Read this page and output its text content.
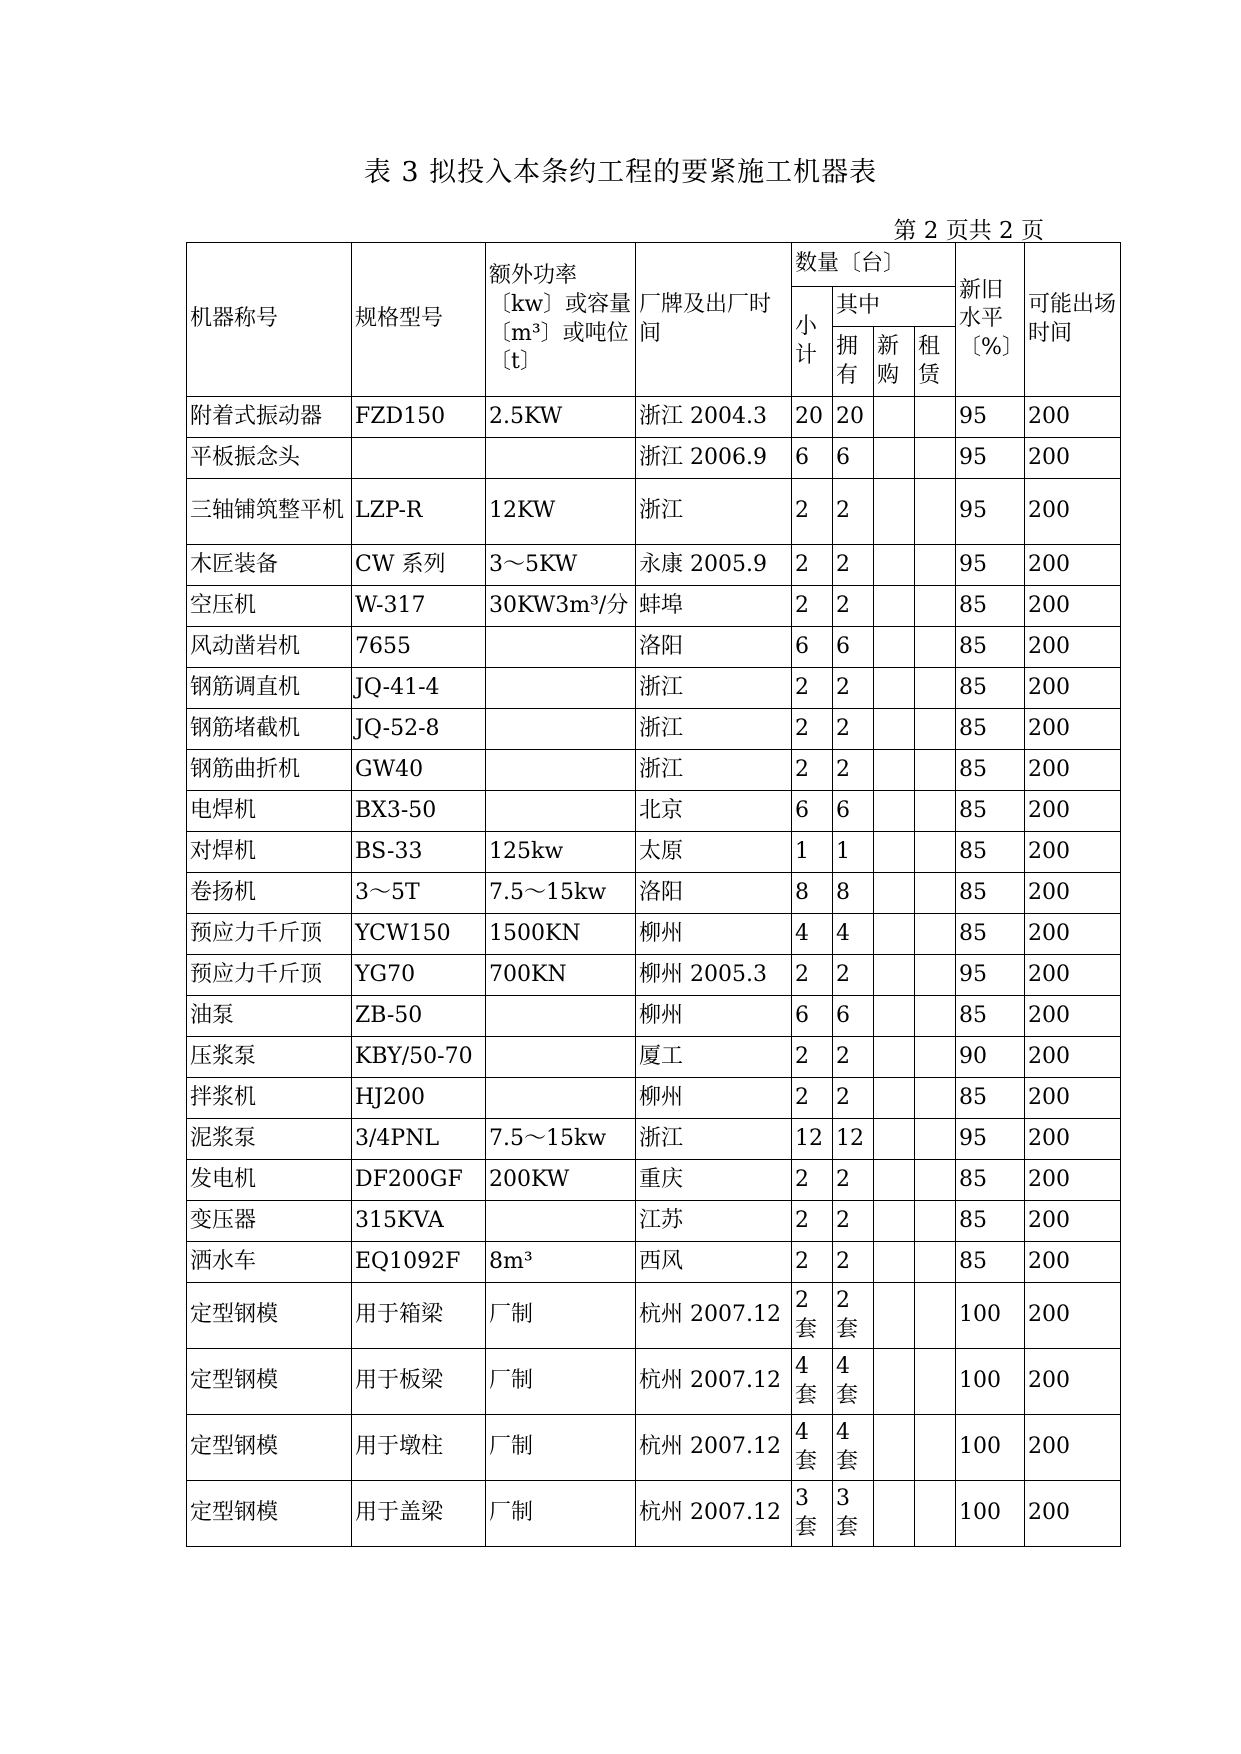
表 3 拟投入本条约工程的要紧施工机器表
第 2 页共 2 页
机器称号	规格型号	额外功率〔kw〕或容量〔m³〕或吨位〔t〕	厂牌及出厂时间	数量〔台〕				新旧水平〔%〕	可能出场时间
				小计	其中				
					拥有	新购	租赁		
附着式振动器	FZD150	2.5KW	浙江 2004.3	20	20			95	200
平板振念头			浙江 2006.9	6	6			95	200
三轴铺筑整平机	LZP-R	12KW	浙江	2	2			95	200
木匠装备	CW 系列	3～5KW	永康 2005.9	2	2			95	200
空压机	W-317	30KW3m³/分	蚌埠	2	2			85	200
风动凿岩机	7655		洛阳	6	6			85	200
钢筋调直机	JQ-41-4		浙江	2	2			85	200
钢筋堵截机	JQ-52-8		浙江	2	2			85	200
钢筋曲折机	GW40		浙江	2	2			85	200
电焊机	BX3-50		北京	6	6			85	200
对焊机	BS-33	125kw	太原	1	1			85	200
卷扬机	3～5T	7.5～15kw	洛阳	8	8			85	200
预应力千斤顶	YCW150	1500KN	柳州	4	4			85	200
预应力千斤顶	YG70	700KN	柳州 2005.3	2	2			95	200
油泵	ZB-50		柳州	6	6			85	200
压浆泵	KBY/50-70		厦工	2	2			90	200
拌浆机	HJ200		柳州	2	2			85	200
泥浆泵	3/4PNL	7.5～15kw	浙江	12	12			95	200
发电机	DF200GF	200KW	重庆	2	2			85	200
变压器	315KVA		江苏	2	2			85	200
洒水车	EQ1092F	8m³	西风	2	2			85	200
定型钢模	用于箱梁	厂制	杭州 2007.12	2 套	2 套			100	200
定型钢模	用于板梁	厂制	杭州 2007.12	4 套	4 套			100	200
定型钢模	用于墩柱	厂制	杭州 2007.12	4 套	4 套			100	200
定型钢模	用于盖梁	厂制	杭州 2007.12	3 套	3 套			100	200
